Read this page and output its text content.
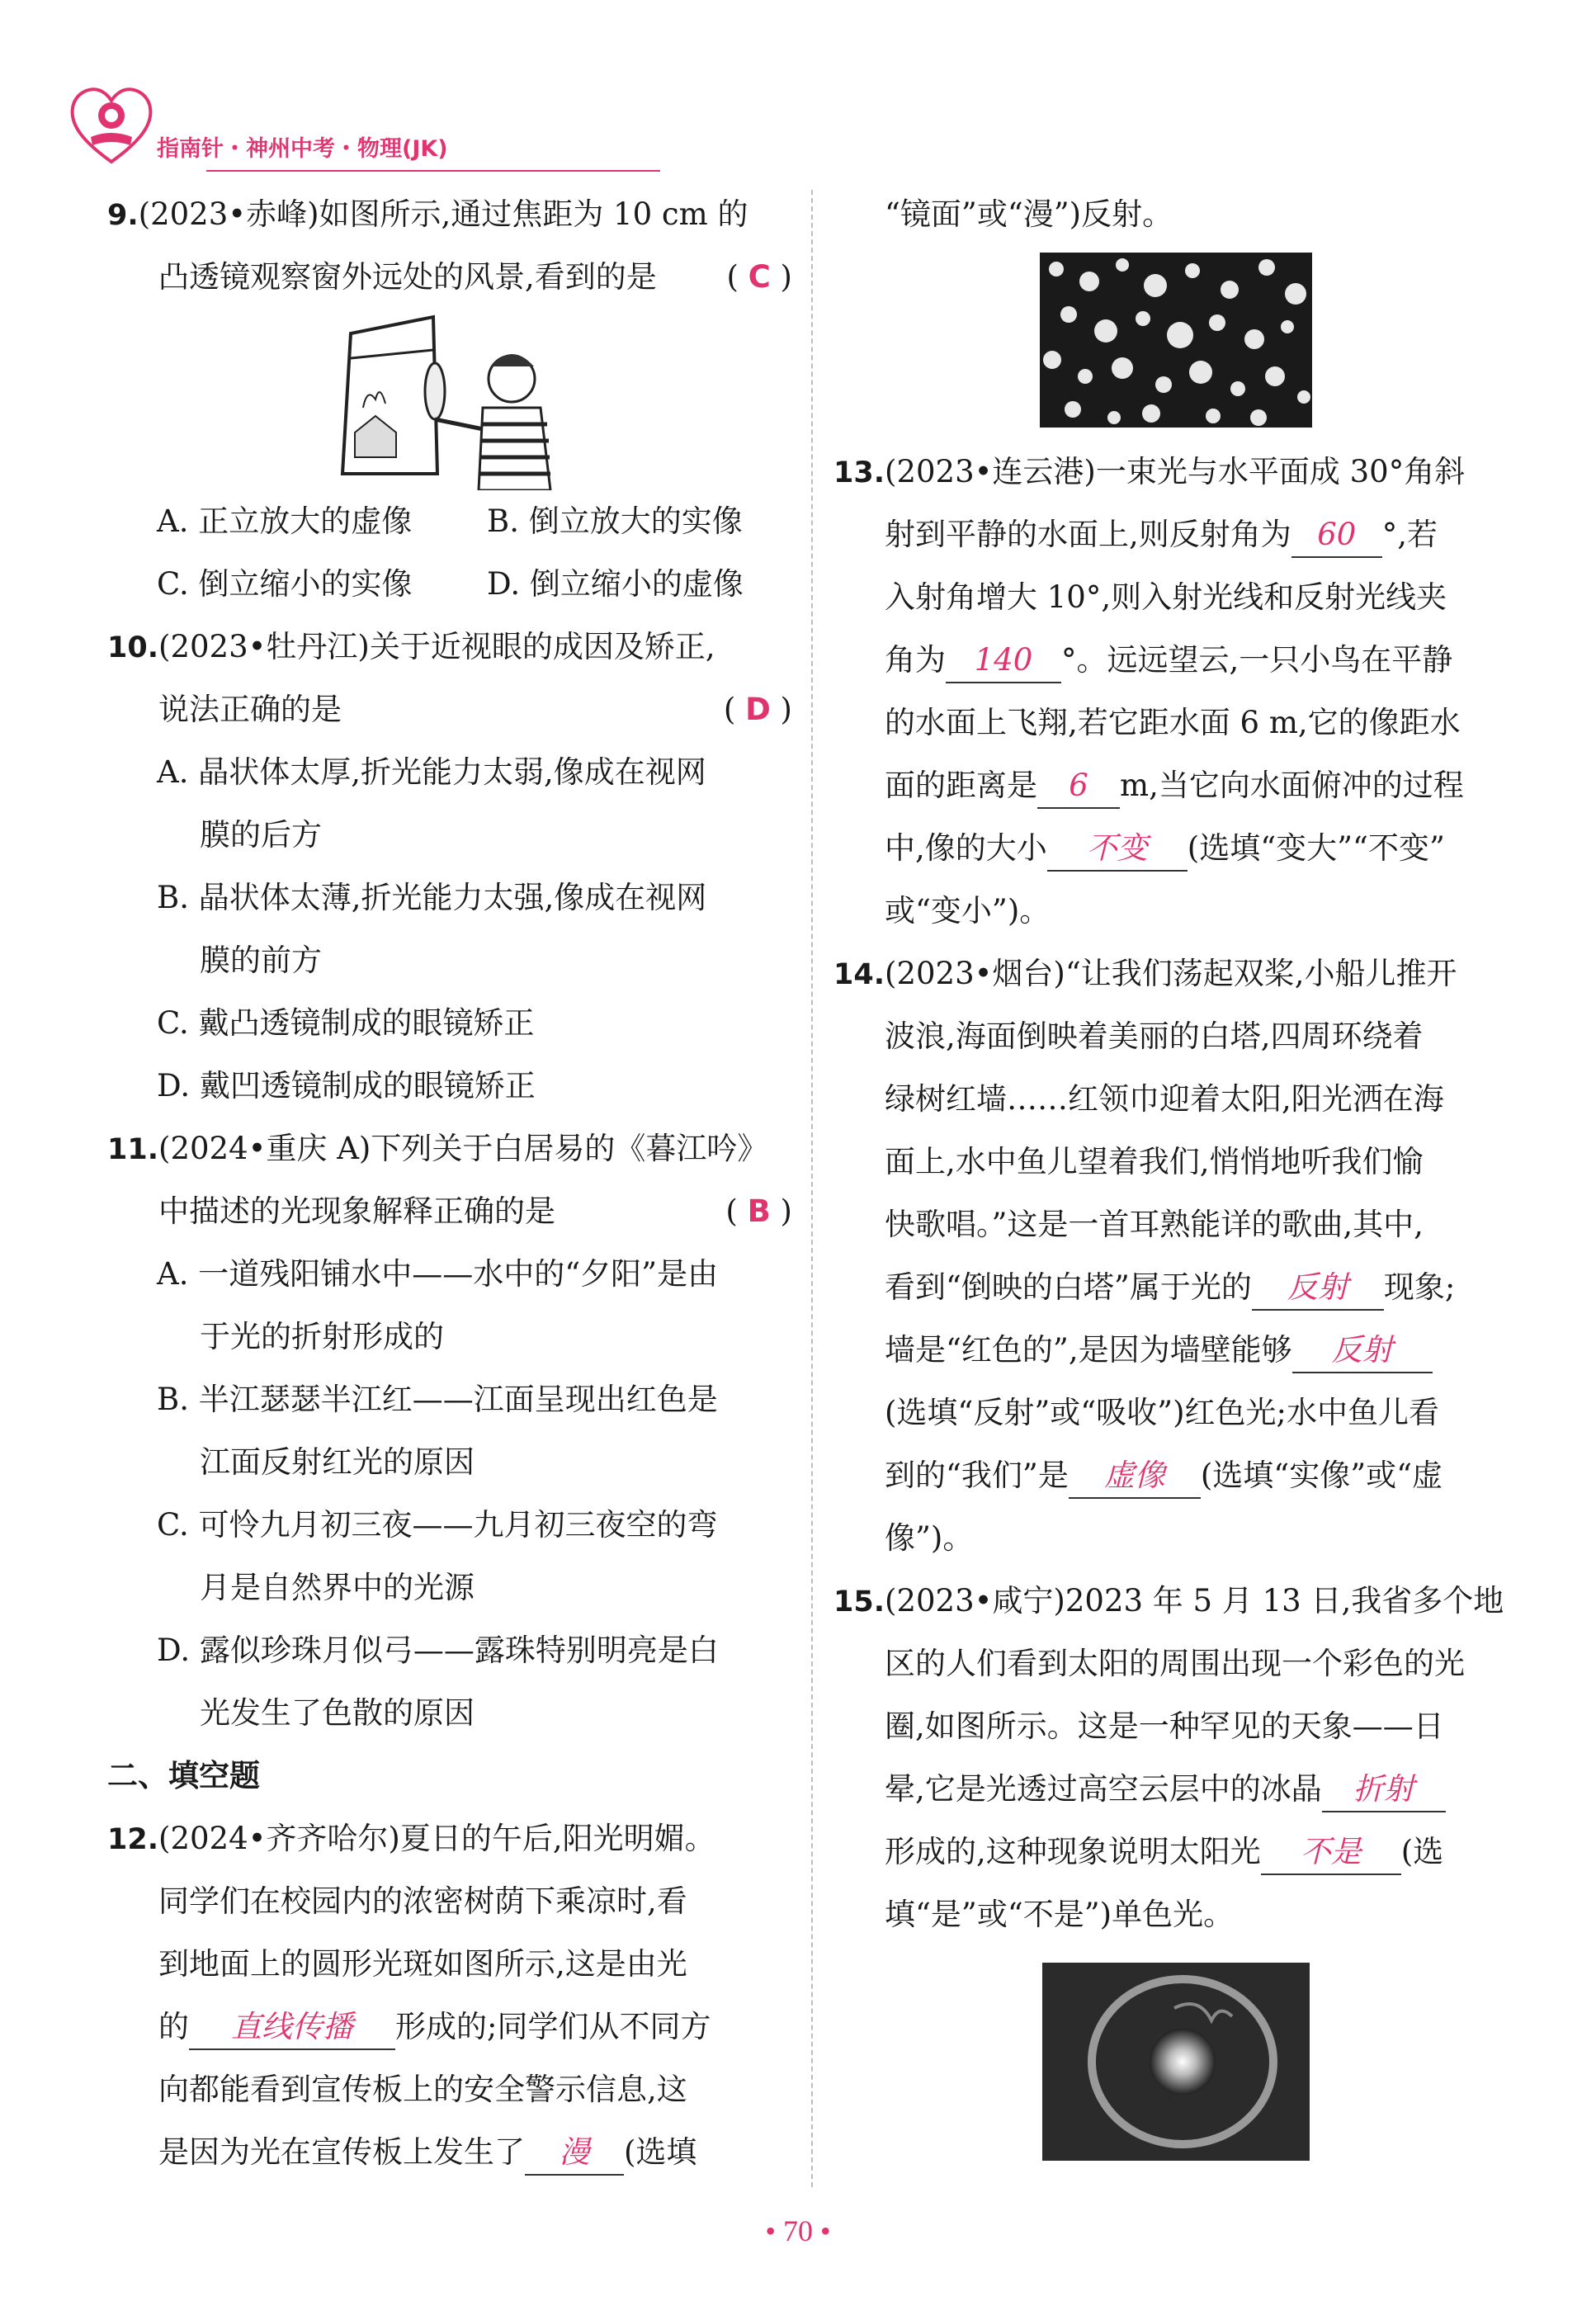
指南针・神州中考・物理(JK)
9.(2023•赤峰)如图所示,通过焦距为 10 cm 的
凸透镜观察窗外远处的风景,看到的是 ( C )
A. 正立放大的虚像 B. 倒立放大的实像
C. 倒立缩小的实像 D. 倒立缩小的虚像
10.(2023•牡丹江)关于近视眼的成因及矫正,
说法正确的是	( D )
A. 晶状体太厚,折光能力太弱,像成在视网
膜的后方
B. 晶状体太薄,折光能力太强,像成在视网
膜的前方
C. 戴凸透镜制成的眼镜矫正
D. 戴凹透镜制成的眼镜矫正
11.(2024•重庆 A)下列关于白居易的《暮江吟》
中描述的光现象解释正确的是	( B )
A. 一道残阳铺水中——水中的“夕阳”是由
于光的折射形成的
B. 半江瑟瑟半江红——江面呈现出红色是
江面反射红光的原因
C. 可怜九月初三夜——九月初三夜空的弯
月是自然界中的光源
D. 露似珍珠月似弓——露珠特别明亮是白
光发生了色散的原因
二、填空题
12.(2024•齐齐哈尔)夏日的午后,阳光明媚。
同学们在校园内的浓密树荫下乘凉时,看
到地面上的圆形光斑如图所示,这是由光
的 直线传播 形成的;同学们从不同方
向都能看到宣传板上的安全警示信息,这
是因为光在宣传板上发生了 漫 (选填
“镜面”或“漫”)反射。
13.(2023•连云港)一束光与水平面成 30°角斜
射到平静的水面上,则反射角为 60 °,若
入射角增大 10°,则入射光线和反射光线夹
角为 140 °。远远望云,一只小鸟在平静
的水面上飞翔,若它距水面 6 m,它的像距水
面的距离是 6 m,当它向水面俯冲的过程
中,像的大小 不变 (选填“变大”“不变”
或“变小”)。
14.(2023•烟台)“让我们荡起双桨,小船儿推开
波浪,海面倒映着美丽的白塔,四周环绕着
绿树红墙……红领巾迎着太阳,阳光洒在海
面上,水中鱼儿望着我们,悄悄地听我们愉
快歌唱。”这是一首耳熟能详的歌曲,其中,
看到“倒映的白塔”属于光的 反射 现象;
墙是“红色的”,是因为墙壁能够 反射
(选填“反射”或“吸收”)红色光;水中鱼儿看
到的“我们”是 虚像 (选填“实像”或“虚
像”)。
15.(2023•咸宁)2023 年 5 月 13 日,我省多个地
区的人们看到太阳的周围出现一个彩色的光
圈,如图所示。这是一种罕见的天象——日
晕,它是光透过高空云层中的冰晶 折射
形成的,这种现象说明太阳光 不是 (选
填“是”或“不是”)单色光。
• 70 •
